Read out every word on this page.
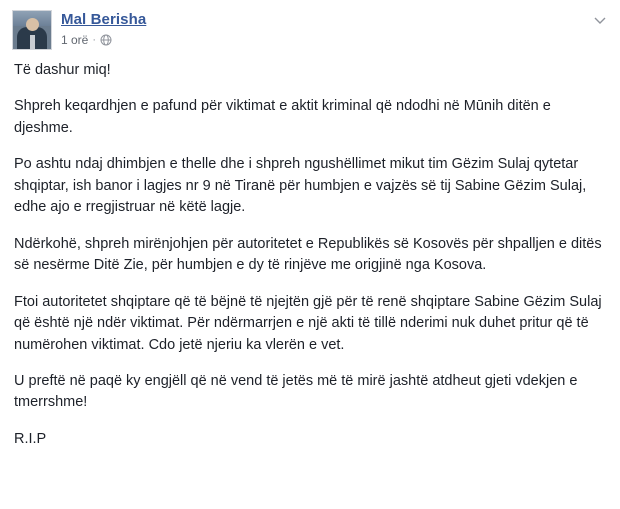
Mal Berisha
1 orë ·

Të dashur miq!

Shpreh keqardhjen e pafund për viktimat e aktit kriminal që ndodhi në Mūnih ditën e djeshme.

Po ashtu ndaj dhimbjen e thelle dhe i shpreh ngushëllimet mikut tim Gëzim Sulaj qytetar shqiptar, ish banor i lagjes nr 9 në Tiranë për humbjen e vajzës së tij Sabine Gëzim Sulaj, edhe ajo e rregjistruar në këtë lagje.

Ndërkohë, shpreh mirënjohjen për autoritetet e Republikës së Kosovës për shpalljen e ditës së nesërme Ditë Zie, për humbjen e dy të rinjëve me origjinë nga Kosova.

Ftoi autoritetet shqiptare që të bëjnë të njejtën gjë për të renë shqiptare Sabine Gëzim Sulaj që është një ndër viktimat. Për ndërmarrjen e një akti të tillë nderimi nuk duhet pritur që të numërohen viktimat. Cdo jetë njeriu ka vlerën e vet.

U preftë në paqë ky engjëll që në vend të jetës më të mirë jashtë atdheut gjeti vdekjen e tmerrshme!

R.I.P
